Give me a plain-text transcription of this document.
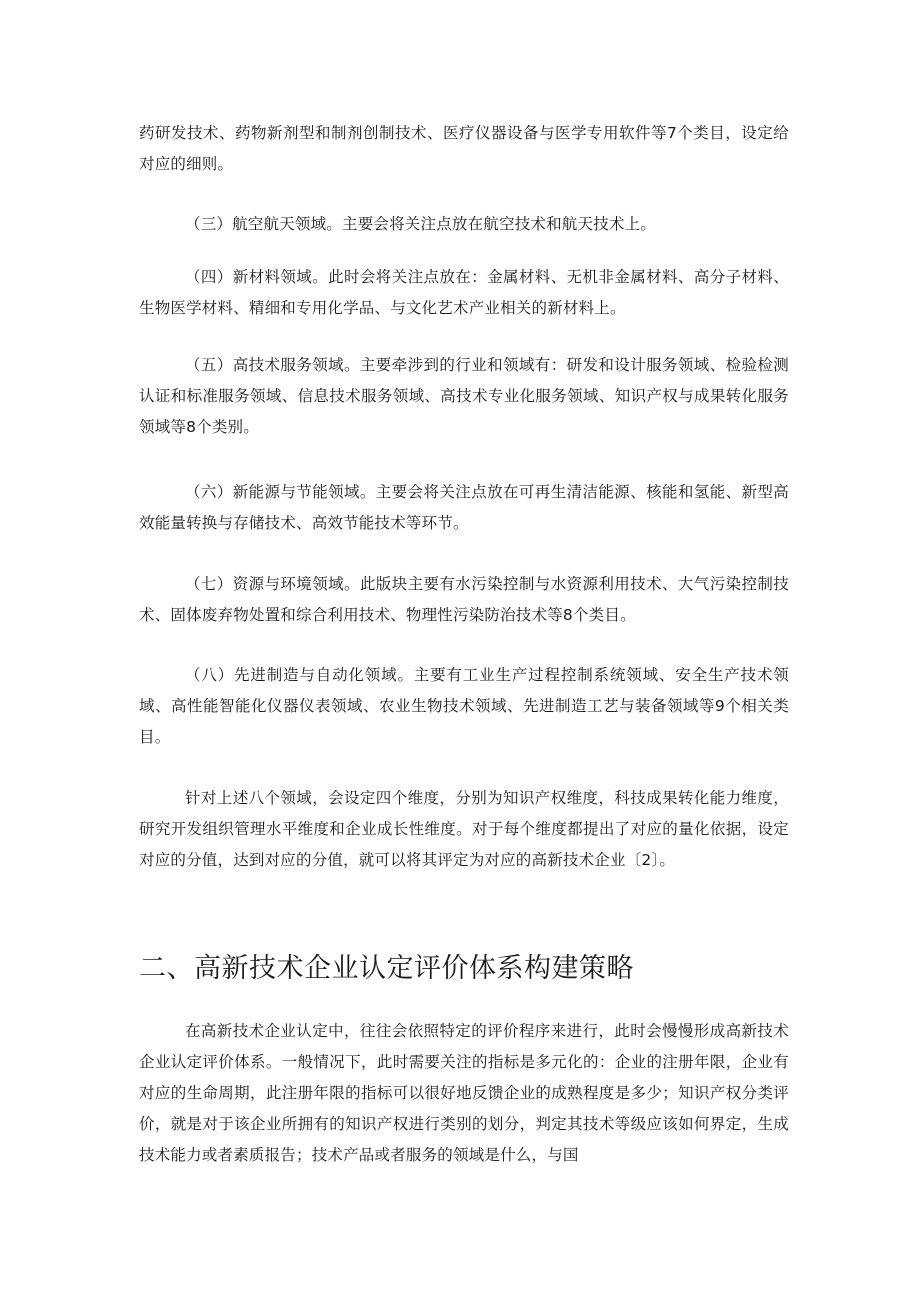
药研发技术、药物新剂型和制剂创制技术、医疗仪器设备与医学专用软件等7个类目，设定给对应的细则。

（三）航空航天领域。主要会将关注点放在航空技术和航天技术上。

（四）新材料领域。此时会将关注点放在：金属材料、无机非金属材料、高分子材料、生物医学材料、精细和专用化学品、与文化艺术产业相关的新材料上。

（五）高技术服务领域。主要牵涉到的行业和领域有：研发和设计服务领域、检验检测认证和标准服务领域、信息技术服务领域、高技术专业化服务领域、知识产权与成果转化服务领域等8个类别。

（六）新能源与节能领域。主要会将关注点放在可再生清洁能源、核能和氢能、新型高效能量转换与存储技术、高效节能技术等环节。

（七）资源与环境领域。此版块主要有水污染控制与水资源利用技术、大气污染控制技术、固体废弃物处置和综合利用技术、物理性污染防治技术等8个类目。

（八）先进制造与自动化领域。主要有工业生产过程控制系统领域、安全生产技术领域、高性能智能化仪器仪表领域、农业生物技术领域、先进制造工艺与装备领域等9个相关类目。

针对上述八个领域，会设定四个维度，分别为知识产权维度，科技成果转化能力维度，研究开发组织管理水平维度和企业成长性维度。对于每个维度都提出了对应的量化依据，设定对应的分值，达到对应的分值，就可以将其评定为对应的高新技术企业〔2〕。

二、高新技术企业认定评价体系构建策略

在高新技术企业认定中，往往会依照特定的评价程序来进行，此时会慢慢形成高新技术企业认定评价体系。一般情况下，此时需要关注的指标是多元化的：企业的注册年限，企业有对应的生命周期，此注册年限的指标可以很好地反馈企业的成熟程度是多少；知识产权分类评价，就是对于该企业所拥有的知识产权进行类别的划分，判定其技术等级应该如何界定，生成技术能力或者素质报告；技术产品或者服务的领域是什么，与国
